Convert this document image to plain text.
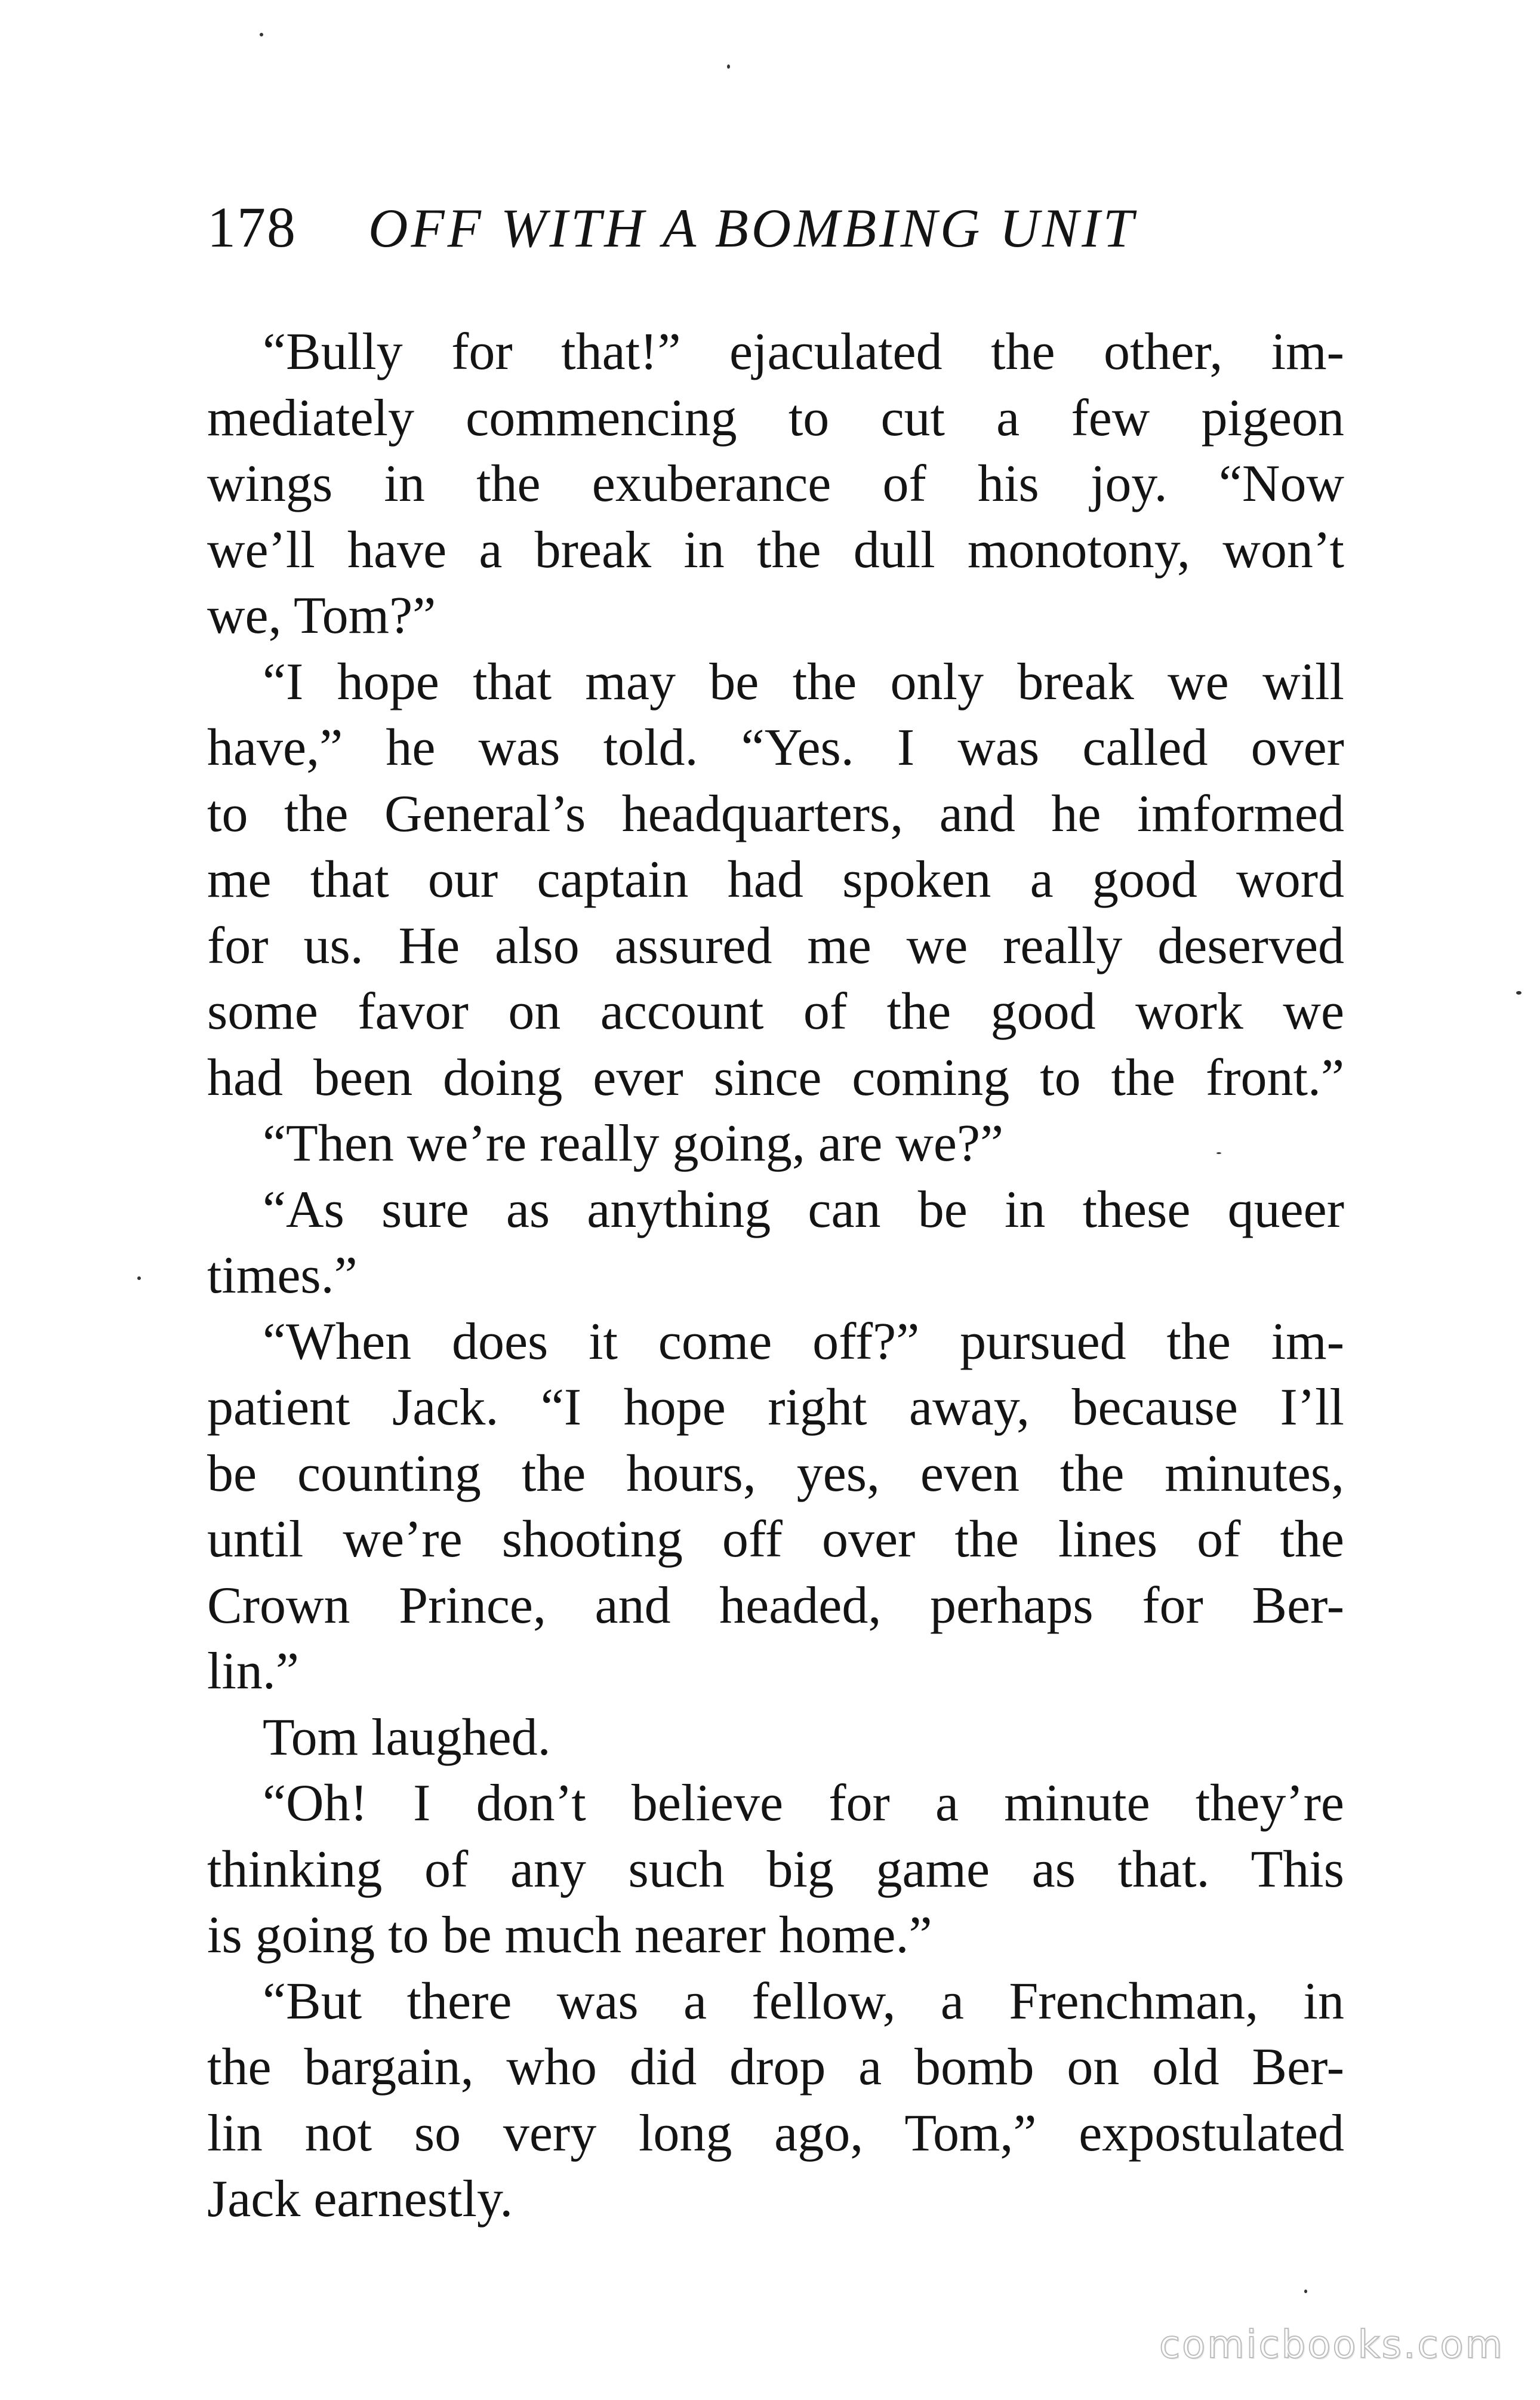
178 OFF WITH A BOMBING UNIT
“Bully for that!” ejaculated the other, im-
mediately commencing to cut a few pigeon
wings in the exuberance of his joy. “Now
we’ll have a break in the dull monotony, won’t
we, Tom?”
“I hope that may be the only break we will
have,” he was told. “Yes. I was called over
to the General’s headquarters, and he imformed
me that our captain had spoken a good word
for us. He also assured me we really deserved
some favor on account of the good work we
had been doing ever since coming to the front.”
“Then we’re really going, are we?”
“As sure as anything can be in these queer
times.”
“When does it come off?” pursued the im-
patient Jack. “I hope right away, because I’ll
be counting the hours, yes, even the minutes,
until we’re shooting off over the lines of the
Crown Prince, and headed, perhaps for Ber-
lin.”
Tom laughed.
“Oh! I don’t believe for a minute they’re
thinking of any such big game as that. This
is going to be much nearer home.”
“But there was a fellow, a Frenchman, in
the bargain, who did drop a bomb on old Ber-
lin not so very long ago, Tom,” expostulated
Jack earnestly.
comicbooks.com
